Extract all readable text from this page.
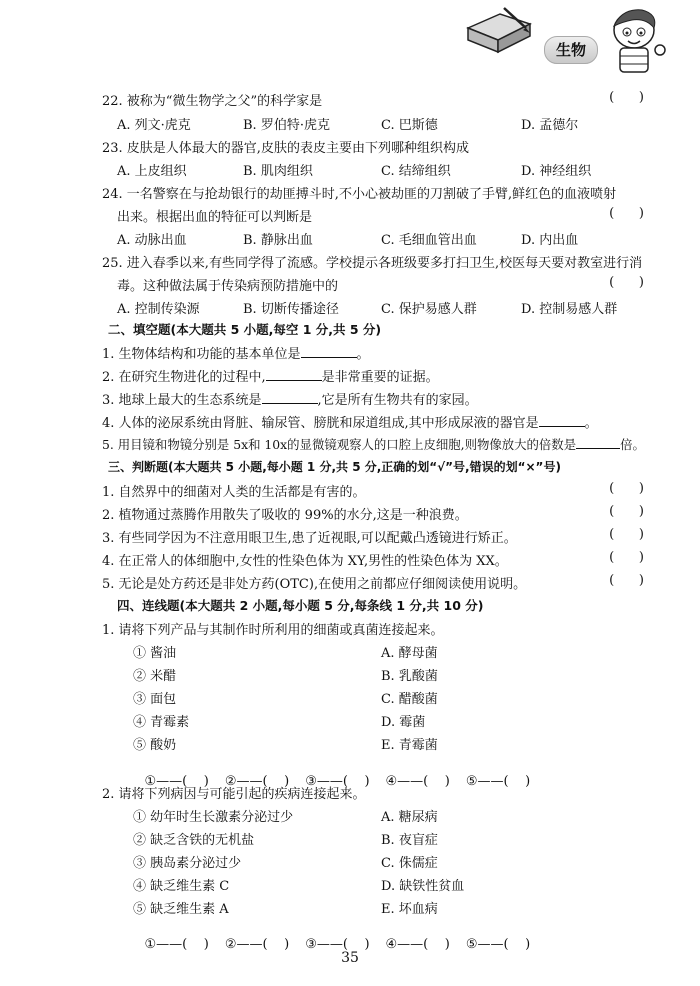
生物
22. 被称为“微生物学之父”的科学家是	(      )
A. 列文·虎克	B. 罗伯特·虎克	C. 巴斯德	D. 孟德尔
23. 皮肤是人体最大的器官,皮肤的表皮主要由下列哪种组织构成
A. 上皮组织	B. 肌肉组织	C. 结缔组织	D. 神经组织
24. 一名警察在与抢劫银行的劫匪搏斗时,不小心被劫匪的刀割破了手臂,鲜红色的血液喷射
出来。根据出血的特征可以判断是	(      )
A. 动脉出血	B. 静脉出血	C. 毛细血管出血	D. 内出血
25. 进入春季以来,有些同学得了流感。学校提示各班级要多打扫卫生,校医每天要对教室进行消
毒。这种做法属于传染病预防措施中的	(      )
A. 控制传染源	B. 切断传播途径	C. 保护易感人群	D. 控制易感人群
二、填空题(本大题共 5 小题,每空 1 分,共 5 分)
1. 生物体结构和功能的基本单位是	。
2. 在研究生物进化的过程中,	是非常重要的证据。
3. 地球上最大的生态系统是	,它是所有生物共有的家园。
4. 人体的泌尿系统由肾脏、输尿管、膀胱和尿道组成,其中形成尿液的器官是	。
5. 用目镜和物镜分别是 5x和 10x的显微镜观察人的口腔上皮细胞,则物像放大的倍数是	倍。
三、判断题(本大题共 5 小题,每小题 1 分,共 5 分,正确的划“√”号,错误的划“×”号)
1. 自然界中的细菌对人类的生活都是有害的。	(      )
2. 植物通过蒸腾作用散失了吸收的 99%的水分,这是一种浪费。	(      )
3. 有些同学因为不注意用眼卫生,患了近视眼,可以配戴凸透镜进行矫正。	(      )
4. 在正常人的体细胞中,女性的性染色体为 XY,男性的性染色体为 XX。	(      )
5. 无论是处方药还是非处方药(OTC),在使用之前都应仔细阅读使用说明。	(      )
四、连线题(本大题共 2 小题,每小题 5 分,每条线 1 分,共 10 分)
1. 请将下列产品与其制作时所利用的细菌或真菌连接起来。
① 酱油	A. 酵母菌
② 米醋	B. 乳酸菌
③ 面包	C. 醋酸菌
④ 青霉素	D. 霉菌
⑤ 酸奶	E. 青霉菌

①——(    ) ②——(    ) ③——(    ) ④——(    ) ⑤——(    )

2. 请将下列病因与可能引起的疾病连接起来。
① 幼年时生长激素分泌过少	A. 糖尿病
② 缺乏含铁的无机盐	B. 夜盲症
③ 胰岛素分泌过少	C. 侏儒症
④ 缺乏维生素 C	D. 缺铁性贫血
⑤ 缺乏维生素 A	E. 坏血病

①——(    ) ②——(    ) ③——(    ) ④——(    ) ⑤——(    )

35
